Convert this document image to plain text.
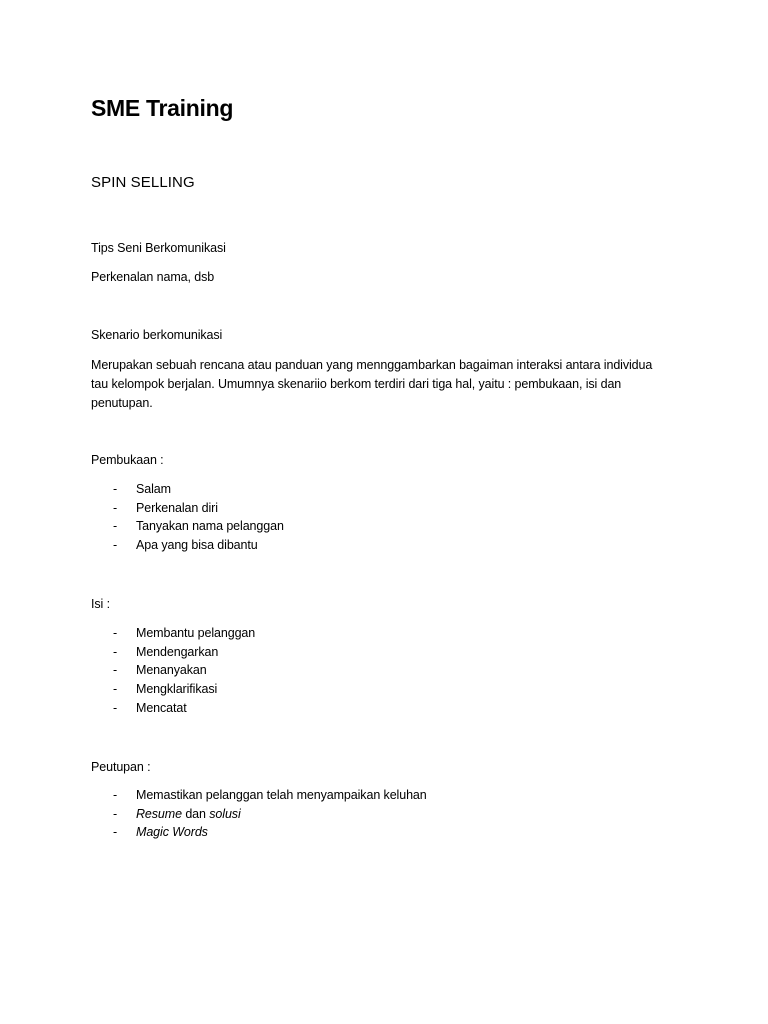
SME Training
SPIN SELLING
Tips Seni Berkomunikasi
Perkenalan nama, dsb
Skenario berkomunikasi
Merupakan sebuah rencana atau panduan yang mennggambarkan bagaiman interaksi antara individua tau kelompok berjalan. Umumnya skenariio berkom terdiri dari tiga hal, yaitu : pembukaan, isi dan penutupan.
Pembukaan :
- Salam
- Perkenalan diri
- Tanyakan nama pelanggan
- Apa yang bisa dibantu
Isi :
- Membantu pelanggan
- Mendengarkan
- Menanyakan
- Mengklarifikasi
- Mencatat
Peutupan :
- Memastikan pelanggan telah menyampaikan keluhan
- Resume dan solusi
- Magic Words
